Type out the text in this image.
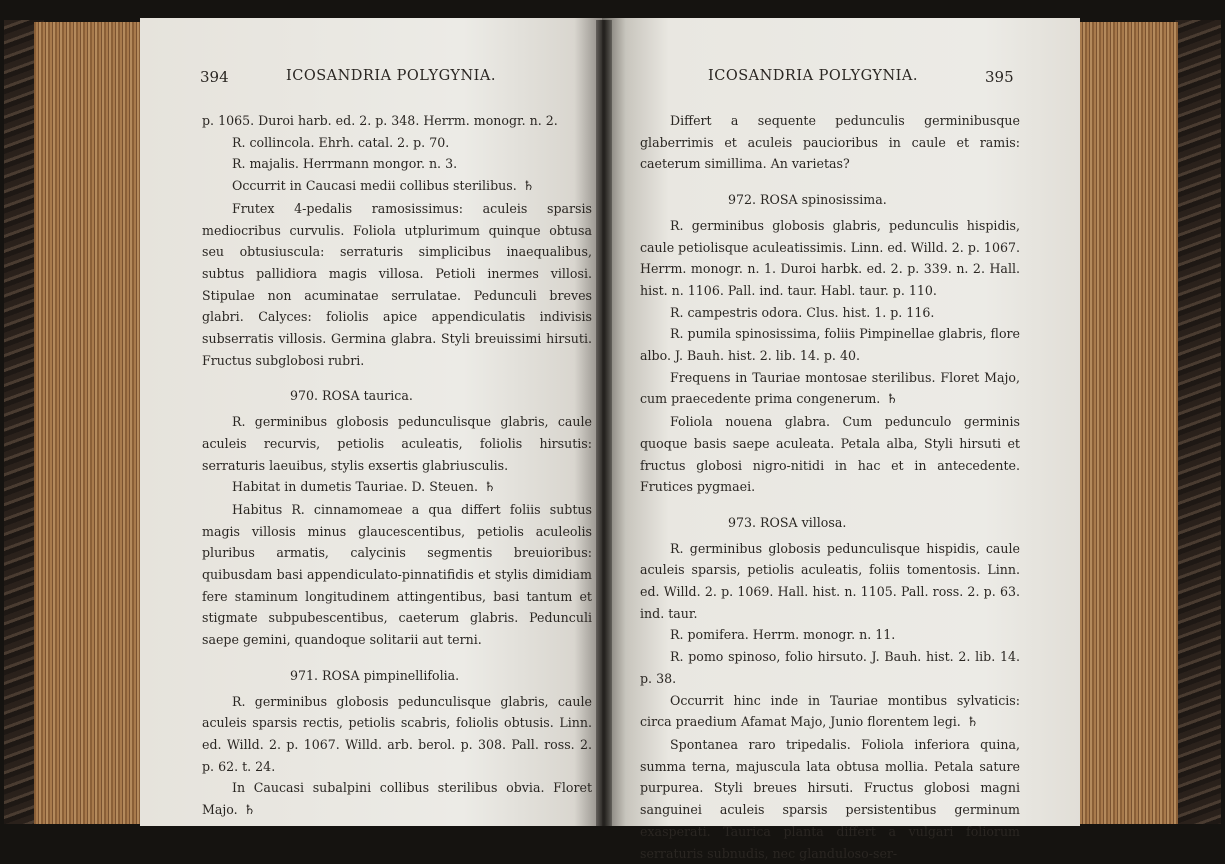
394	ICOSANDRIA POLYGYNIA.

p. 1065. Duroi harb. ed. 2. p. 348. Herrm. monogr. n. 2.

R. collincola. Ehrh. catal. 2. p. 70.

R. majalis. Herrmann mongor. n. 3.

Occurrit in Caucasi medii collibus sterilibus. ♄

Frutex 4-pedalis ramosissimus: aculeis sparsis mediocribus curvulis. Foliola utplurimum quinque obtusa seu obtusiuscula: serraturis simplicibus inaequalibus, subtus pallidiora magis villosa. Petioli inermes villosi. Stipulae non acuminatae serrulatae. Pedunculi breves glabri. Calyces: foliolis apice appendiculatis indivisis subserratis villosis. Germina glabra. Styli breuissimi hirsuti. Fructus subglobosi rubri.

970. ROSA taurica.

R. germinibus globosis pedunculisque glabris, caule aculeis recurvis, petiolis aculeatis, foliolis hirsutis: serraturis laeuibus, stylis exsertis glabriusculis.

Habitat in dumetis Tauriae. D. Steuen. ♄

Habitus R. cinnamomeae a qua differt foliis subtus magis villosis minus glaucescentibus, petiolis aculeolis pluribus armatis, calycinis segmentis breuioribus: quibusdam basi appendiculato-pinnatifidis et stylis dimidiam fere staminum longitudinem attingentibus, basi tantum et stigmate subpubescentibus, caeterum glabris. Pedunculi saepe gemini, quandoque solitarii aut terni.

971. ROSA pimpinellifolia.

R. germinibus globosis pedunculisque glabris, caule aculeis sparsis rectis, petiolis scabris, foliolis obtusis. Linn. ed. Willd. 2. p. 1067. Willd. arb. berol. p. 308. Pall. ross. 2. p. 62. t. 24.

In Caucasi subalpini collibus sterilibus obvia. Floret Majo. ♄

ICOSANDRIA POLYGYNIA.	395

Differt a sequente pedunculis germinibusque glaberrimis et aculeis paucioribus in caule et ramis: caeterum simillima. An varietas?

972. ROSA spinosissima.

R. germinibus globosis glabris, pedunculis hispidis, caule petiolisque aculeatissimis. Linn. ed. Willd. 2. p. 1067. Herrm. monogr. n. 1. Duroi harbk. ed. 2. p. 339. n. 2. Hall. hist. n. 1106. Pall. ind. taur. Habl. taur. p. 110.

R. campestris odora. Clus. hist. 1. p. 116.

R. pumila spinosissima, foliis Pimpinellae glabris, flore albo. J. Bauh. hist. 2. lib. 14. p. 40.

Frequens in Tauriae montosae sterilibus. Floret Majo, cum praecedente prima congenerum. ♄

Foliola nouena glabra. Cum pedunculo germinis quoque basis saepe aculeata. Petala alba, Styli hirsuti et fructus globosi nigro-nitidi in hac et in antecedente. Frutices pygmaei.

973. ROSA villosa.

R. germinibus globosis pedunculisque hispidis, caule aculeis sparsis, petiolis aculeatis, foliis tomentosis. Linn. ed. Willd. 2. p. 1069. Hall. hist. n. 1105. Pall. ross. 2. p. 63. ind. taur.

R. pomifera. Herrm. monogr. n. 11.

R. pomo spinoso, folio hirsuto. J. Bauh. hist. 2. lib. 14. p. 38.

Occurrit hinc inde in Tauriae montibus sylvaticis: circa praedium Afamat Majo, Junio florentem legi. ♄

Spontanea raro tripedalis. Foliola inferiora quina, summa terna, majuscula lata obtusa mollia. Petala sature purpurea. Styli breues hirsuti. Fructus globosi magni sanguinei aculeis sparsis persistentibus germinum exasperati. Taurica planta differt a vulgari foliorum serraturis subnudis, nec glanduloso-ser-
